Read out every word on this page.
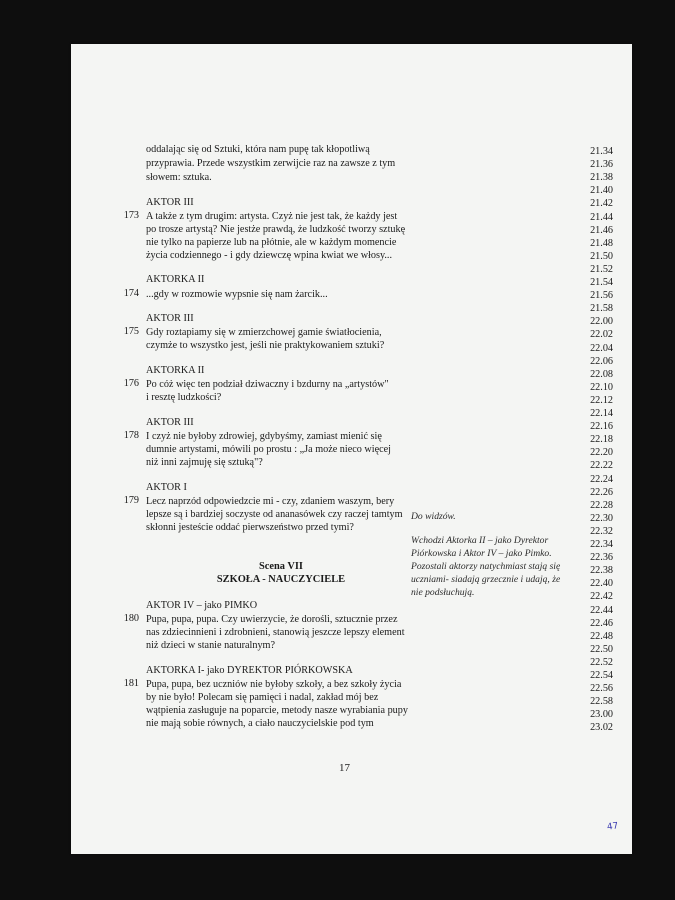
oddalając się od Sztuki, która nam pupę tak kłopotliwą
przyprawia. Przede wszystkim zerwijcie raz na zawsze z tym
słowem: sztuka.
AKTOR III
173 A także z tym drugim: artysta. Czyż nie jest tak, że każdy jest
po trosze artystą? Nie jestże prawdą, że ludzkość tworzy sztukę
nie tylko na papierze lub na płótnie, ale w każdym momencie
życia codziennego - i gdy dziewczę wpina kwiat we włosy...
AKTORKA II
174 ...gdy w rozmowie wypsnie się nam żarcik...
AKTOR III
175 Gdy roztapiamy się w zmierzchowej gamie światłocienia,
czymże to wszystko jest, jeśli nie praktykowaniem sztuki?
AKTORKA II
176 Po cóż więc ten podział dziwaczny i bzdurny na „artystów"
i resztę ludzkości?
AKTOR III
178 I czyż nie byłoby zdrowiej, gdybyśmy, zamiast mienić się
dumnie artystami, mówili po prostu : „Ja może nieco więcej
niż inni zajmuję się sztuką"?
AKTOR I
179 Lecz naprzód odpowiedzcie mi - czy, zdaniem waszym, bery
lepsze są i bardziej soczyste od ananasówek czy raczej tamtym
skłonni jesteście oddać pierwszeństwo przed tymi?
Scena VII
SZKOŁA - NAUCZYCIELE
AKTOR IV – jako PIMKO
180 Pupa, pupa, pupa. Czy uwierzycie, że dorośli, sztucznie przez
nas zdziecinnieni i zdrobnieni, stanowią jeszcze lepszy element
niż dzieci w stanie naturalnym?
AKTORKA I- jako DYREKTOR PIÓRKOWSKA
181 Pupa, pupa, bez uczniów nie byłoby szkoły, a bez szkoły życia
by nie było! Polecam się pamięci i nadal, zakład mój bez
wątpienia zasługuje na poparcie, metody nasze wyrabiania pupy
nie mają sobie równych, a ciało nauczycielskie pod tym
Do widzów.
Wchodzi Aktorka II – jako Dyrektor
Piórkowska i Aktor IV – jako Pimko.
Pozostali aktorzy natychmiast stają się
uczniami- siadają grzecznie i udają, że
nie podsłuchują.
21.34
21.36
21.38
21.40
21.42
21.44
21.46
21.48
21.50
21.52
21.54
21.56
21.58
22.00
22.02
22.04
22.06
22.08
22.10
22.12
22.14
22.16
22.18
22.20
22.22
22.24
22.26
22.28
22.30
22.32
22.34
22.36
22.38
22.40
22.42
22.44
22.46
22.48
22.50
22.52
22.54
22.56
22.58
23.00
23.02
17
47
